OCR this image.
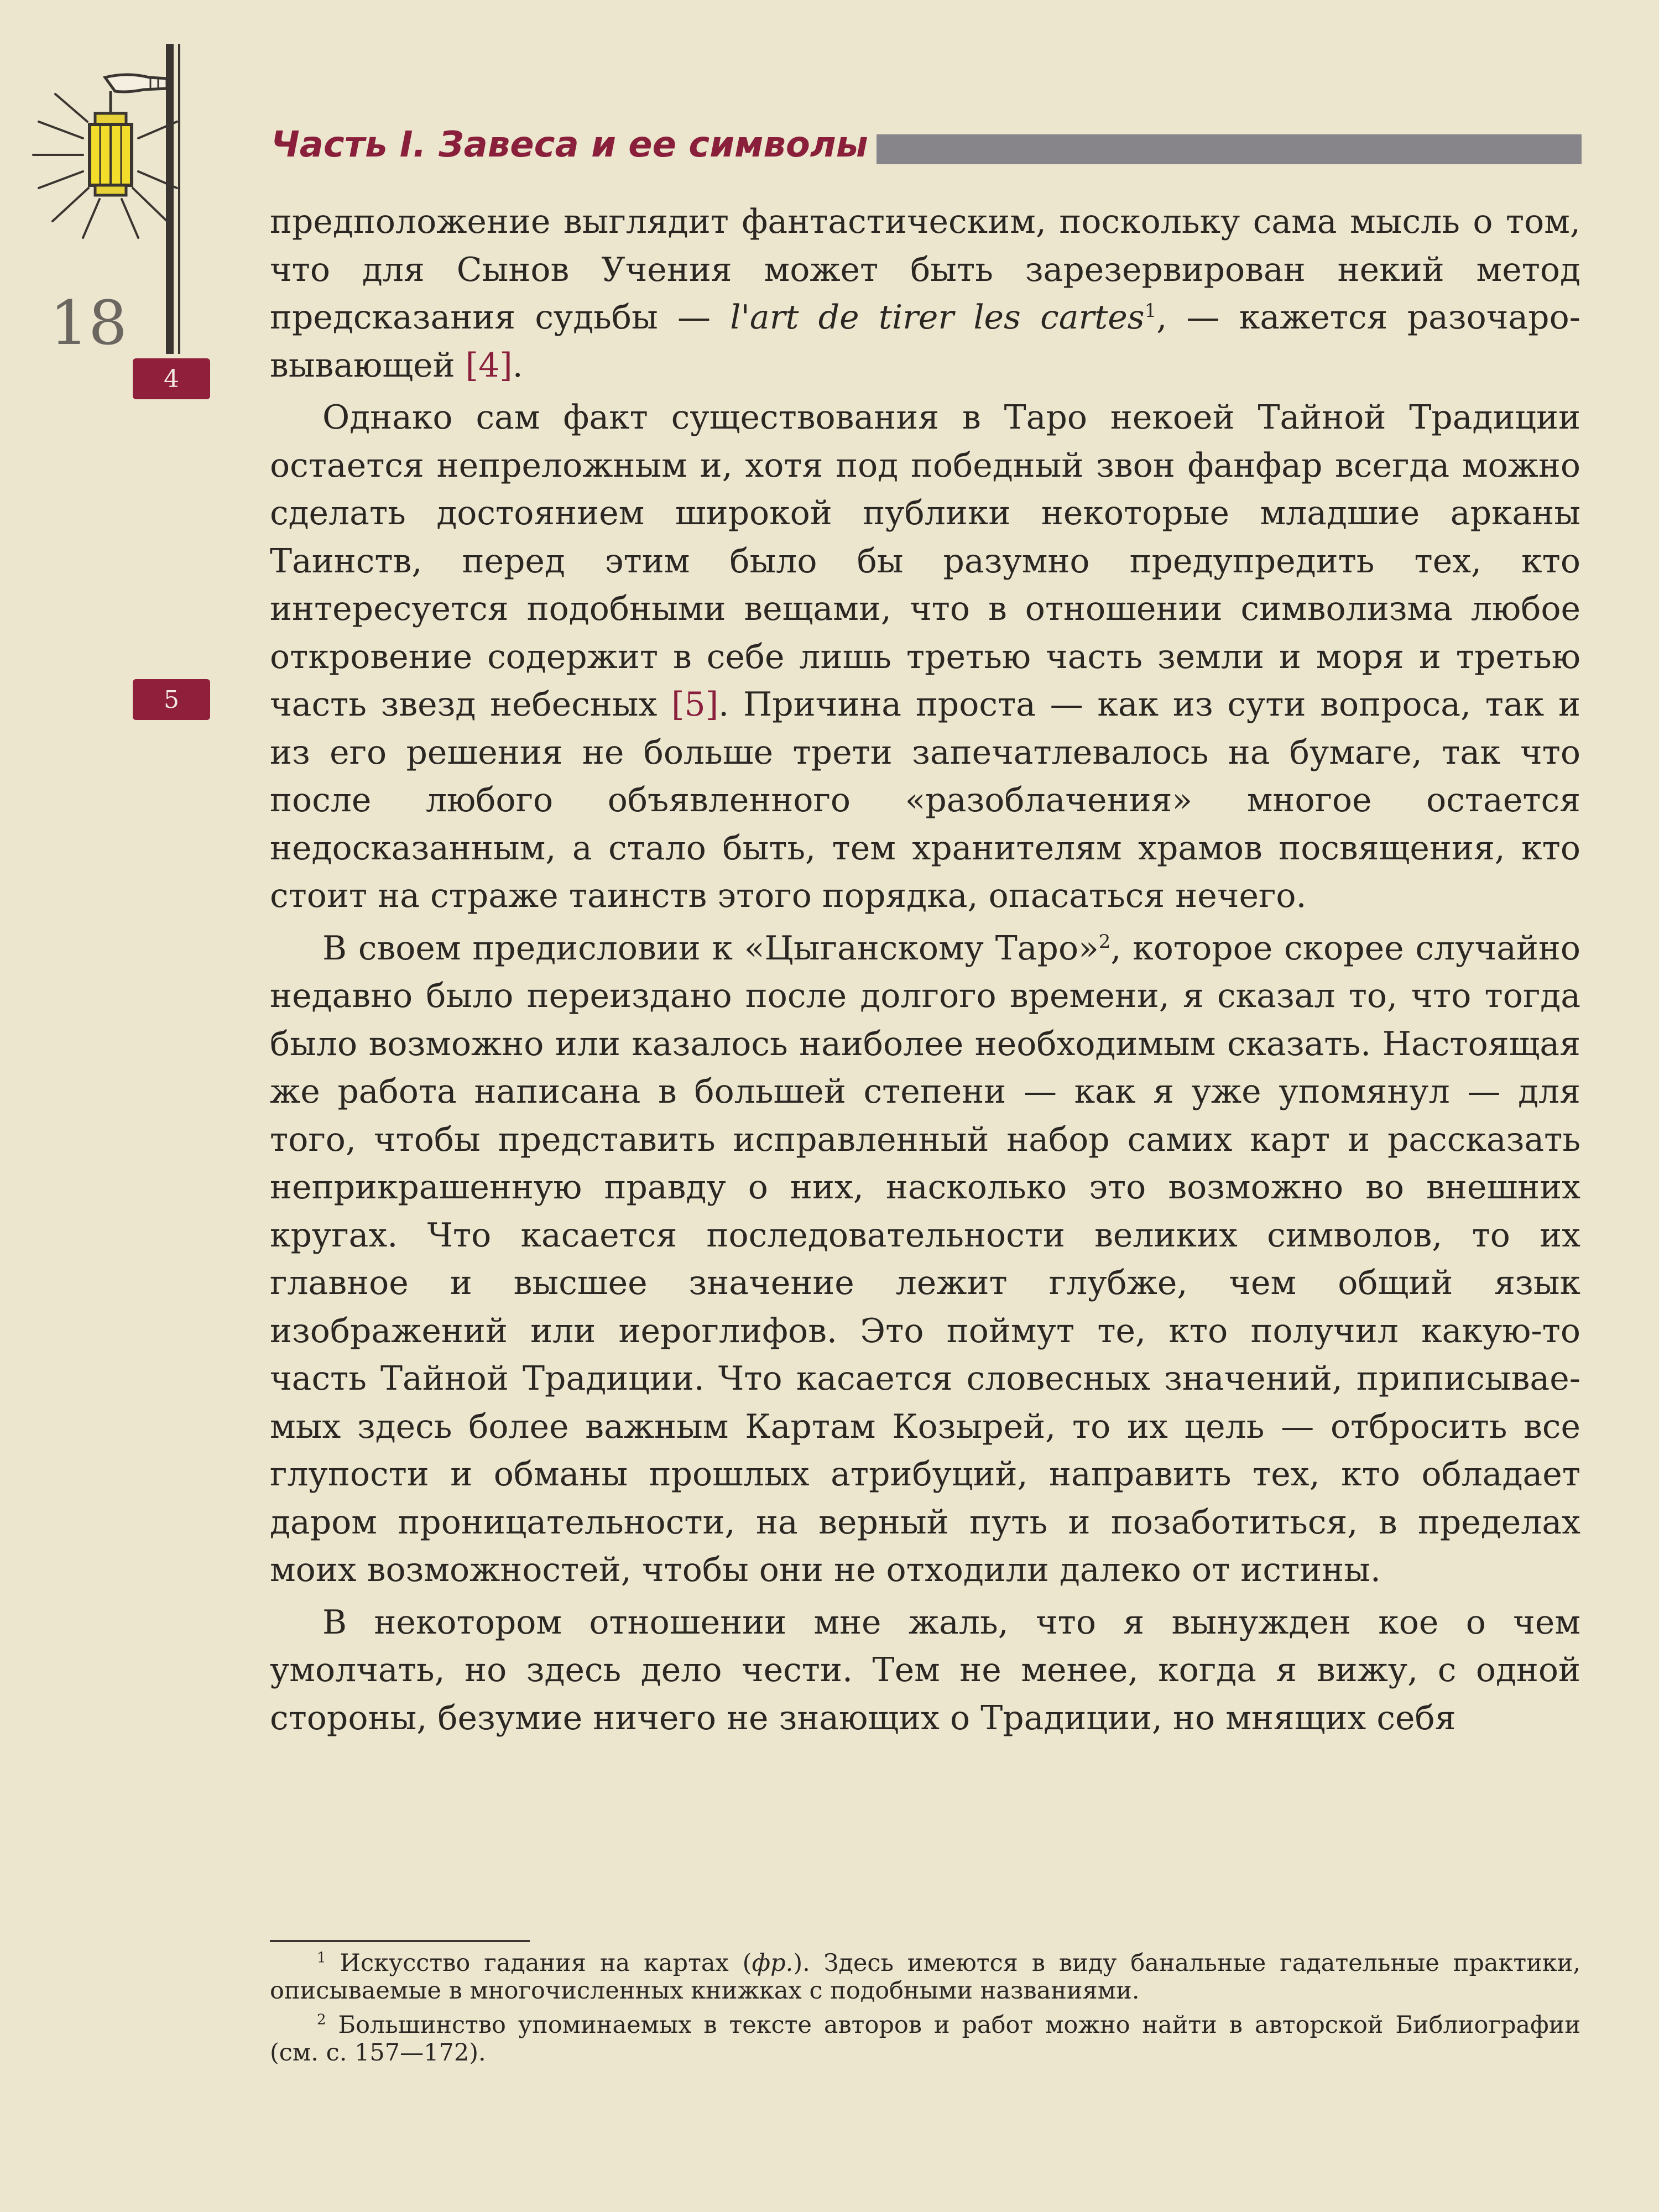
18
Часть I. Завеса и ее символы
4
5

предположение выглядит фантастическим, поскольку сама мысль о том, что для Сынов Учения может быть зарезервирован некий метод предсказания судьбы — l'art de tirer les cartes$^1$, — кажется разочаровывающей [4].

Однако сам факт существования в Таро некоей Тайной Традиции остается непреложным и, хотя под победный звон фанфар всегда можно сделать достоянием широкой публики некоторые младшие арканы Таинств, перед этим было бы разумно предупредить тех, кто интересуется подобными вещами, что в отношении символизма любое откровение содержит в себе лишь третью часть земли и моря и третью часть звезд небесных [5]. Причина проста — как из сути вопроса, так и из его решения не больше трети запечатлевалось на бумаге, так что после любого объявленного «разоблачения» многое остается недосказанным, а стало быть, тем хранителям храмов посвящения, кто стоит на страже таинств этого порядка, опасаться нечего.

В своем предисловии к «Цыганскому Таро»$^2$, которое скорее случайно недавно было переиздано после долгого времени, я сказал то, что тогда было возможно или казалось наиболее необходимым сказать. Настоящая же работа написана в большей степени — как я уже упомянул — для того, чтобы представить исправленный набор самих карт и рассказать неприкрашенную правду о них, насколько это возможно во внешних кругах. Что касается последовательности великих символов, то их главное и высшее значение лежит глубже, чем общий язык изображений или иероглифов. Это поймут те, кто получил какую-то часть Тайной Традиции. Что касается словесных значений, приписываемых здесь более важным Картам Козырей, то их цель — отбросить все глупости и обманы прошлых атрибуций, направить тех, кто обладает даром проницательности, на верный путь и позаботиться, в пределах моих возможностей, чтобы они не отходили далеко от истины.

В некотором отношении мне жаль, что я вынужден кое о чем умолчать, но здесь дело чести. Тем не менее, когда я вижу, с одной стороны, безумие ничего не знающих о Традиции, но мнящих себя

$^1$ Искусство гадания на картах (фр.). Здесь имеются в виду банальные гадательные практики, описываемые в многочисленных книжках с подобными названиями.

$^2$ Большинство упоминаемых в тексте авторов и работ можно найти в авторской Библиографии (см. с. 157—172).
